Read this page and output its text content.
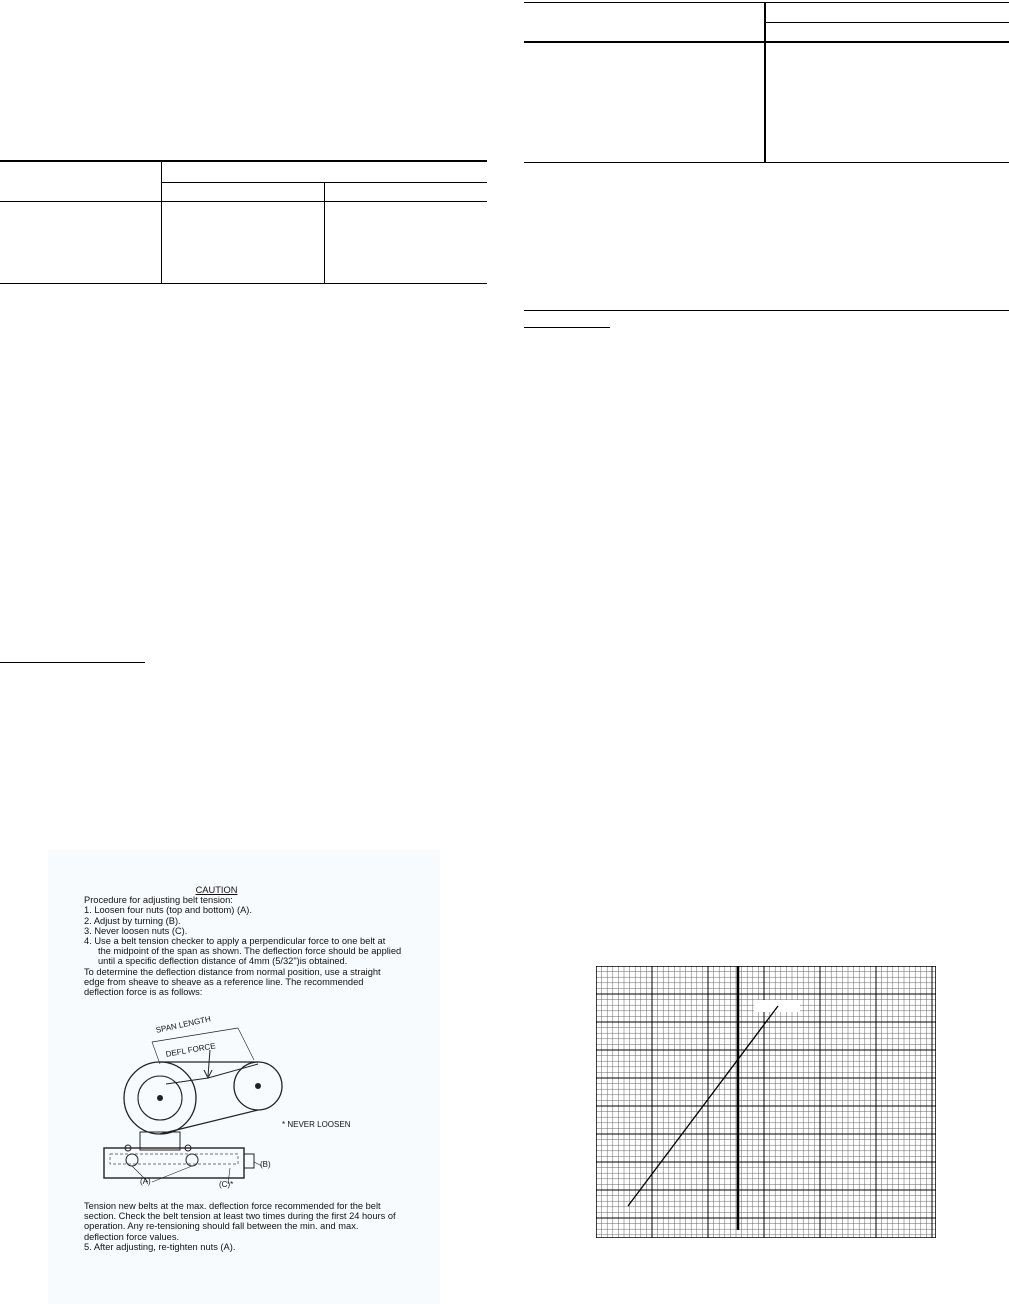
CAUTION
Procedure for adjusting belt tension:
1. Loosen four nuts (top and bottom) (A).
2. Adjust by turning (B).
3. Never loosen nuts (C).
4. Use a belt tension checker to apply a perpendicular force to one belt at
the midpoint of the span as shown. The deflection force should be applied
until a specific deflection distance of 4mm (5/32")is obtained.
To determine the deflection distance from normal position, use a straight
edge from sheave to sheave as a reference line. The recommended
deflection force is as follows:
SPAN LENGTH
DEFL FORCE
* NEVER LOOSEN
(A)
(B)
(C)*
Tension new belts at the max. deflection force recommended for the belt
section. Check the belt tension at least two times during the first 24 hours of
operation. Any re-tensioning should fall between the min. and max.
deflection force values.
5. After adjusting, re-tighten nuts (A).
